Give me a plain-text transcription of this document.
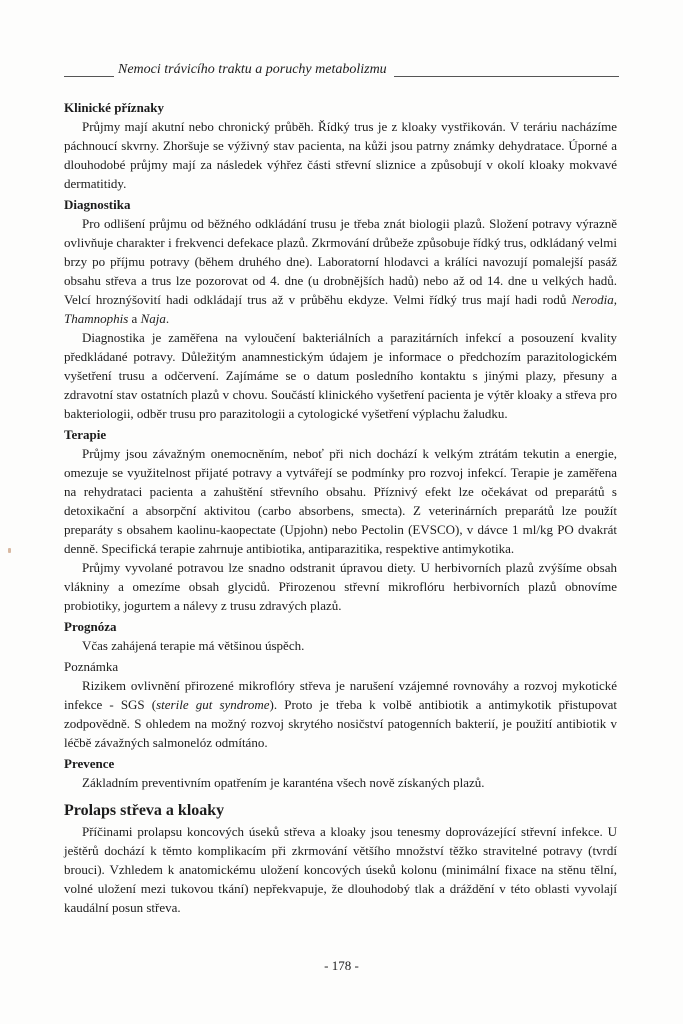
Nemoci trávicího traktu a poruchy metabolizmu
Klinické příznaky

Průjmy mají akutní nebo chronický průběh. Řídký trus je z kloaky vystřikován. V teráriu nacházíme páchnoucí skvrny. Zhoršuje se výživný stav pacienta, na kůži jsou patrny známky dehydratace. Úporné a dlouhodobé průjmy mají za následek výhřez části střevní sliznice a způsobují v okolí kloaky mokvavé dermatitidy.

Diagnostika

Pro odlišení průjmu od běžného odkládání trusu je třeba znát biologii plazů. Složení potravy výrazně ovlivňuje charakter i frekvenci defekace plazů. Zkrmování drůbeže způsobuje řídký trus, odkládaný velmi brzy po příjmu potravy (během druhého dne). Laboratorní hlodavci a králíci navozují pomalejší pasáž obsahu střeva a trus lze pozorovat od 4. dne (u drobnějších hadů) nebo až od 14. dne u velkých hadů. Velcí hroznýšovití hadi odkládají trus až v průběhu ekdyze. Velmi řídký trus mají hadi rodů Nerodia, Thamnophis a Naja.

Diagnostika je zaměřena na vyloučení bakteriálních a parazitárních infekcí a posouzení kvality předkládané potravy. Důležitým anamnestickým údajem je informace o předchozím parazitologickém vyšetření trusu a odčervení. Zajímáme se o datum posledního kontaktu s jinými plazy, přesuny a zdravotní stav ostatních plazů v chovu. Součástí klinického vyšetření pacienta je výtěr kloaky a střeva pro bakteriologii, odběr trusu pro parazitologii a cytologické vyšetření výplachu žaludku.

Terapie

Průjmy jsou závažným onemocněním, neboť při nich dochází k velkým ztrátám tekutin a energie, omezuje se využitelnost přijaté potravy a vytvářejí se podmínky pro rozvoj infekcí. Terapie je zaměřena na rehydrataci pacienta a zahuštění střevního obsahu. Příznivý efekt lze očekávat od preparátů s detoxikační a absorpční aktivitou (carbo absorbens, smecta). Z veterinárních preparátů lze použít preparáty s obsahem kaolinu-kaopectate (Upjohn) nebo Pectolin (EVSCO), v dávce 1 ml/kg PO dvakrát denně. Specifická terapie zahrnuje antibiotika, antiparazitika, respektive antimykotika.

Průjmy vyvolané potravou lze snadno odstranit úpravou diety. U herbivorních plazů zvýšíme obsah vlákniny a omezíme obsah glycidů. Přirozenou střevní mikroflóru herbivorních plazů obnovíme probiotiky, jogurtem a nálevy z trusu zdravých plazů.

Prognóza

Včas zahájená terapie má většinou úspěch.

Poznámka

Rizikem ovlivnění přirozené mikroflóry střeva je narušení vzájemné rovnováhy a rozvoj mykotické infekce - SGS (sterile gut syndrome). Proto je třeba k volbě antibiotik a antimykotik přistupovat zodpovědně. S ohledem na možný rozvoj skrytého nosičství patogenních bakterií, je použití antibiotik v léčbě závažných salmonelóz odmítáno.

Prevence

Základním preventivním opatřením je karanténa všech nově získaných plazů.

Prolaps střeva a kloaky

Příčinami prolapsu koncových úseků střeva a kloaky jsou tenesmy doprovázející střevní infekce. U ještěrů dochází k těmto komplikacím při zkrmování většího množství těžko stravitelné potravy (tvrdí brouci). Vzhledem k anatomickému uložení koncových úseků kolonu (minimální fixace na stěnu tělní, volné uložení mezi tukovou tkání) nepřekvapuje, že dlouhodobý tlak a dráždění v této oblasti vyvolají kaudální posun střeva.

- 178 -
